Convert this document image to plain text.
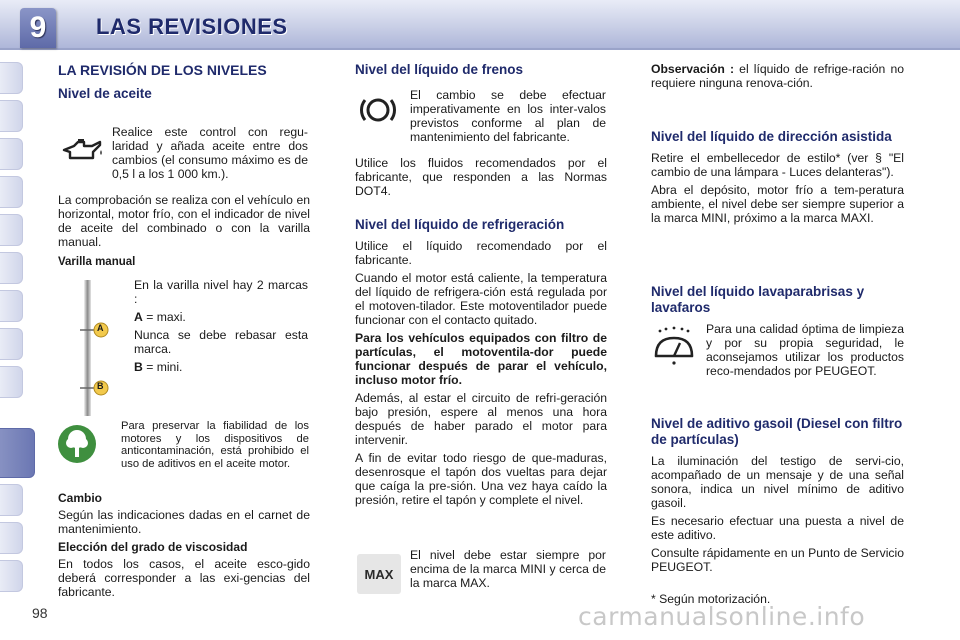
9	LAS REVISIONES
LA REVISIÓN DE LOS NIVELES
Nivel de aceite

Realice este control con regu-laridad y añada aceite entre dos cambios (el consumo máximo es de 0,5 l a los 1 000 km.).

La comprobación se realiza con el vehículo en horizontal, motor frío, con el indicador de nivel de aceite del combinado o con la varilla manual.

Varilla manual
A
B

En la varilla nivel hay 2 marcas :

A = maxi.

Nunca se debe rebasar esta marca.

B = mini.

Para preservar la fiabilidad de los motores y los dispositivos de anticontaminación, está prohibido el uso de aditivos en el aceite motor.

Cambio

Según las indicaciones dadas en el carnet de mantenimiento.

Elección del grado de viscosidad

En todos los casos, el aceite esco-gido deberá corresponder a las exi-gencias del fabricante.

Nivel del líquido de frenos

El cambio se debe efectuar imperativamente en los inter-valos previstos conforme al plan de mantenimiento del fabricante.

Utilice los fluidos recomendados por el fabricante, que responden a las Normas DOT4.

Nivel del líquido de refrigeración

Utilice el líquido recomendado por el fabricante.

Cuando el motor está caliente, la temperatura del líquido de refrigera-ción está regulada por el motoven-tilador. Este motoventilador puede funcionar con el contacto quitado.

Para los vehículos equipados con filtro de partículas, el motoventila-dor puede funcionar después de parar el vehículo, incluso motor frío.

Además, al estar el circuito de refri-geración bajo presión, espere al menos una hora después de haber parado el motor para intervenir.

A fin de evitar todo riesgo de que-maduras, desenrosque el tapón dos vueltas para dejar que caíga la pre-sión. Una vez haya caído la presión, retire el tapón y complete el nivel.

MAX

El nivel debe estar siempre por encima de la marca MINI y cerca de la marca MAX.

Observación : el líquido de refrige-ración no requiere ninguna renova-ción.

Nivel del líquido de dirección asistida

Retire el embellecedor de estilo* (ver § "El cambio de una lámpara - Luces delanteras").

Abra el depósito, motor frío a tem-peratura ambiente, el nivel debe ser siempre superior a la marca MINI, próximo a la marca MAXI.

Nivel del líquido lavaparabrisas y lavafaros

Para una calidad óptima de limpieza y por su propia seguridad, le aconsejamos utilizar los productos reco-mendados por PEUGEOT.

Nivel de aditivo gasoil (Diesel con filtro de partículas)

La iluminación del testigo de servi-cio, acompañado de un mensaje y de una señal sonora, indica un nivel mínimo de aditivo gasoil.

Es necesario efectuar una puesta a nivel de este aditivo.

Consulte rápidamente en un Punto de Servicio PEUGEOT.

* Según motorización.

98	carmanualsonline.info
